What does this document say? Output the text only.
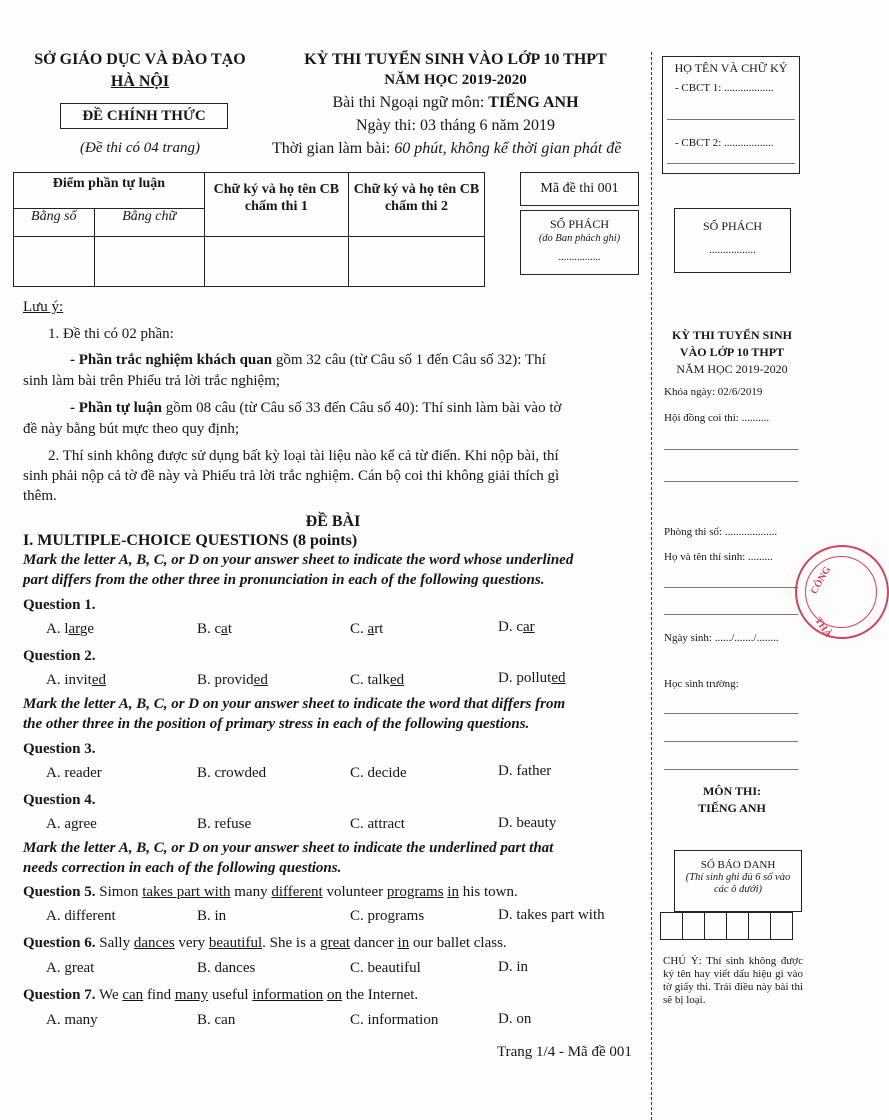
SỞ GIÁO DỤC VÀ ĐÀO TẠO
HÀ NỘI
ĐỀ CHÍNH THỨC
(Đề thi có 04 trang)
KỲ THI TUYỂN SINH VÀO LỚP 10 THPT
NĂM HỌC 2019-2020
Bài thi Ngoại ngữ môn: TIẾNG ANH
Ngày thi: 03 tháng 6 năm 2019
Thời gian làm bài: 60 phút, không kể thời gian phát đề
Điểm phần tự luận		Chữ ký và họ tên CB chấm thi 1	Chữ ký và họ tên CB chấm thi 2
Bằng số	Bằng chữ		

Mã đề thi 001
SỐ PHÁCH
(do Ban phách ghi)
................
Lưu ý:
1. Đề thi có 02 phần:
- Phần trắc nghiệm khách quan gồm 32 câu (từ Câu số 1 đến Câu số 32): Thí
sinh làm bài trên Phiếu trả lời trắc nghiệm;
- Phần tự luận gồm 08 câu (từ Câu số 33 đến Câu số 40): Thí sinh làm bài vào tờ
đề này bằng bút mực theo quy định;
2. Thí sinh không được sử dụng bất kỳ loại tài liệu nào kể cả từ điển. Khi nộp bài, thí
sinh phải nộp cả tờ đề này và Phiếu trả lời trắc nghiệm. Cán bộ coi thi không giải thích gì
thêm.
ĐỀ BÀI
I. MULTIPLE-CHOICE QUESTIONS (8 points)
Mark the letter A, B, C, or D on your answer sheet to indicate the word whose underlined
part differs from the other three in pronunciation in each of the following questions.
Question 1.
A. large	B. cat	C. art	D. car
Question 2.
A. invited	B. provided	C. talked	D. polluted
Mark the letter A, B, C, or D on your answer sheet to indicate the word that differs from
the other three in the position of primary stress in each of the following questions.
Question 3.
A. reader	B. crowded	C. decide	D. father
Question 4.
A. agree	B. refuse	C. attract	D. beauty
Mark the letter A, B, C, or D on your answer sheet to indicate the underlined part that
needs correction in each of the following questions.
Question 5. Simon takes part with many different volunteer programs in his town.
A. different	B. in	C. programs	D. takes part with
Question 6. Sally dances very beautiful. She is a great dancer in our ballet class.
A. great	B. dances	C. beautiful	D. in
Question 7. We can find many useful information on the Internet.
A. many	B. can	C. information	D. on
Trang 1/4 - Mã đề 001
HỌ TÊN VÀ CHỮ KÝ
- CBCT 1: ..................
- CBCT 2: ..................
SỐ PHÁCH
.................
KỲ THI TUYỂN SINH
VÀO LỚP 10 THPT
NĂM HỌC 2019-2020
Khóa ngày: 02/6/2019
Hội đồng coi thi: ..........
Phòng thi số: ...................
Họ và tên thí sinh: .........
Ngày sinh: ....../......./........
Học sinh trường:
MÔN THI:
TIẾNG ANH
SỐ BÁO DANH
(Thí sinh ghi đủ 6 số vào các ô dưới)
CHÚ Ý: Thí sinh không được ký tên hay viết dấu hiệu gì vào tờ giấy thi. Trái điều này bài thi sẽ bị loại.
CÔNG
THÀ
